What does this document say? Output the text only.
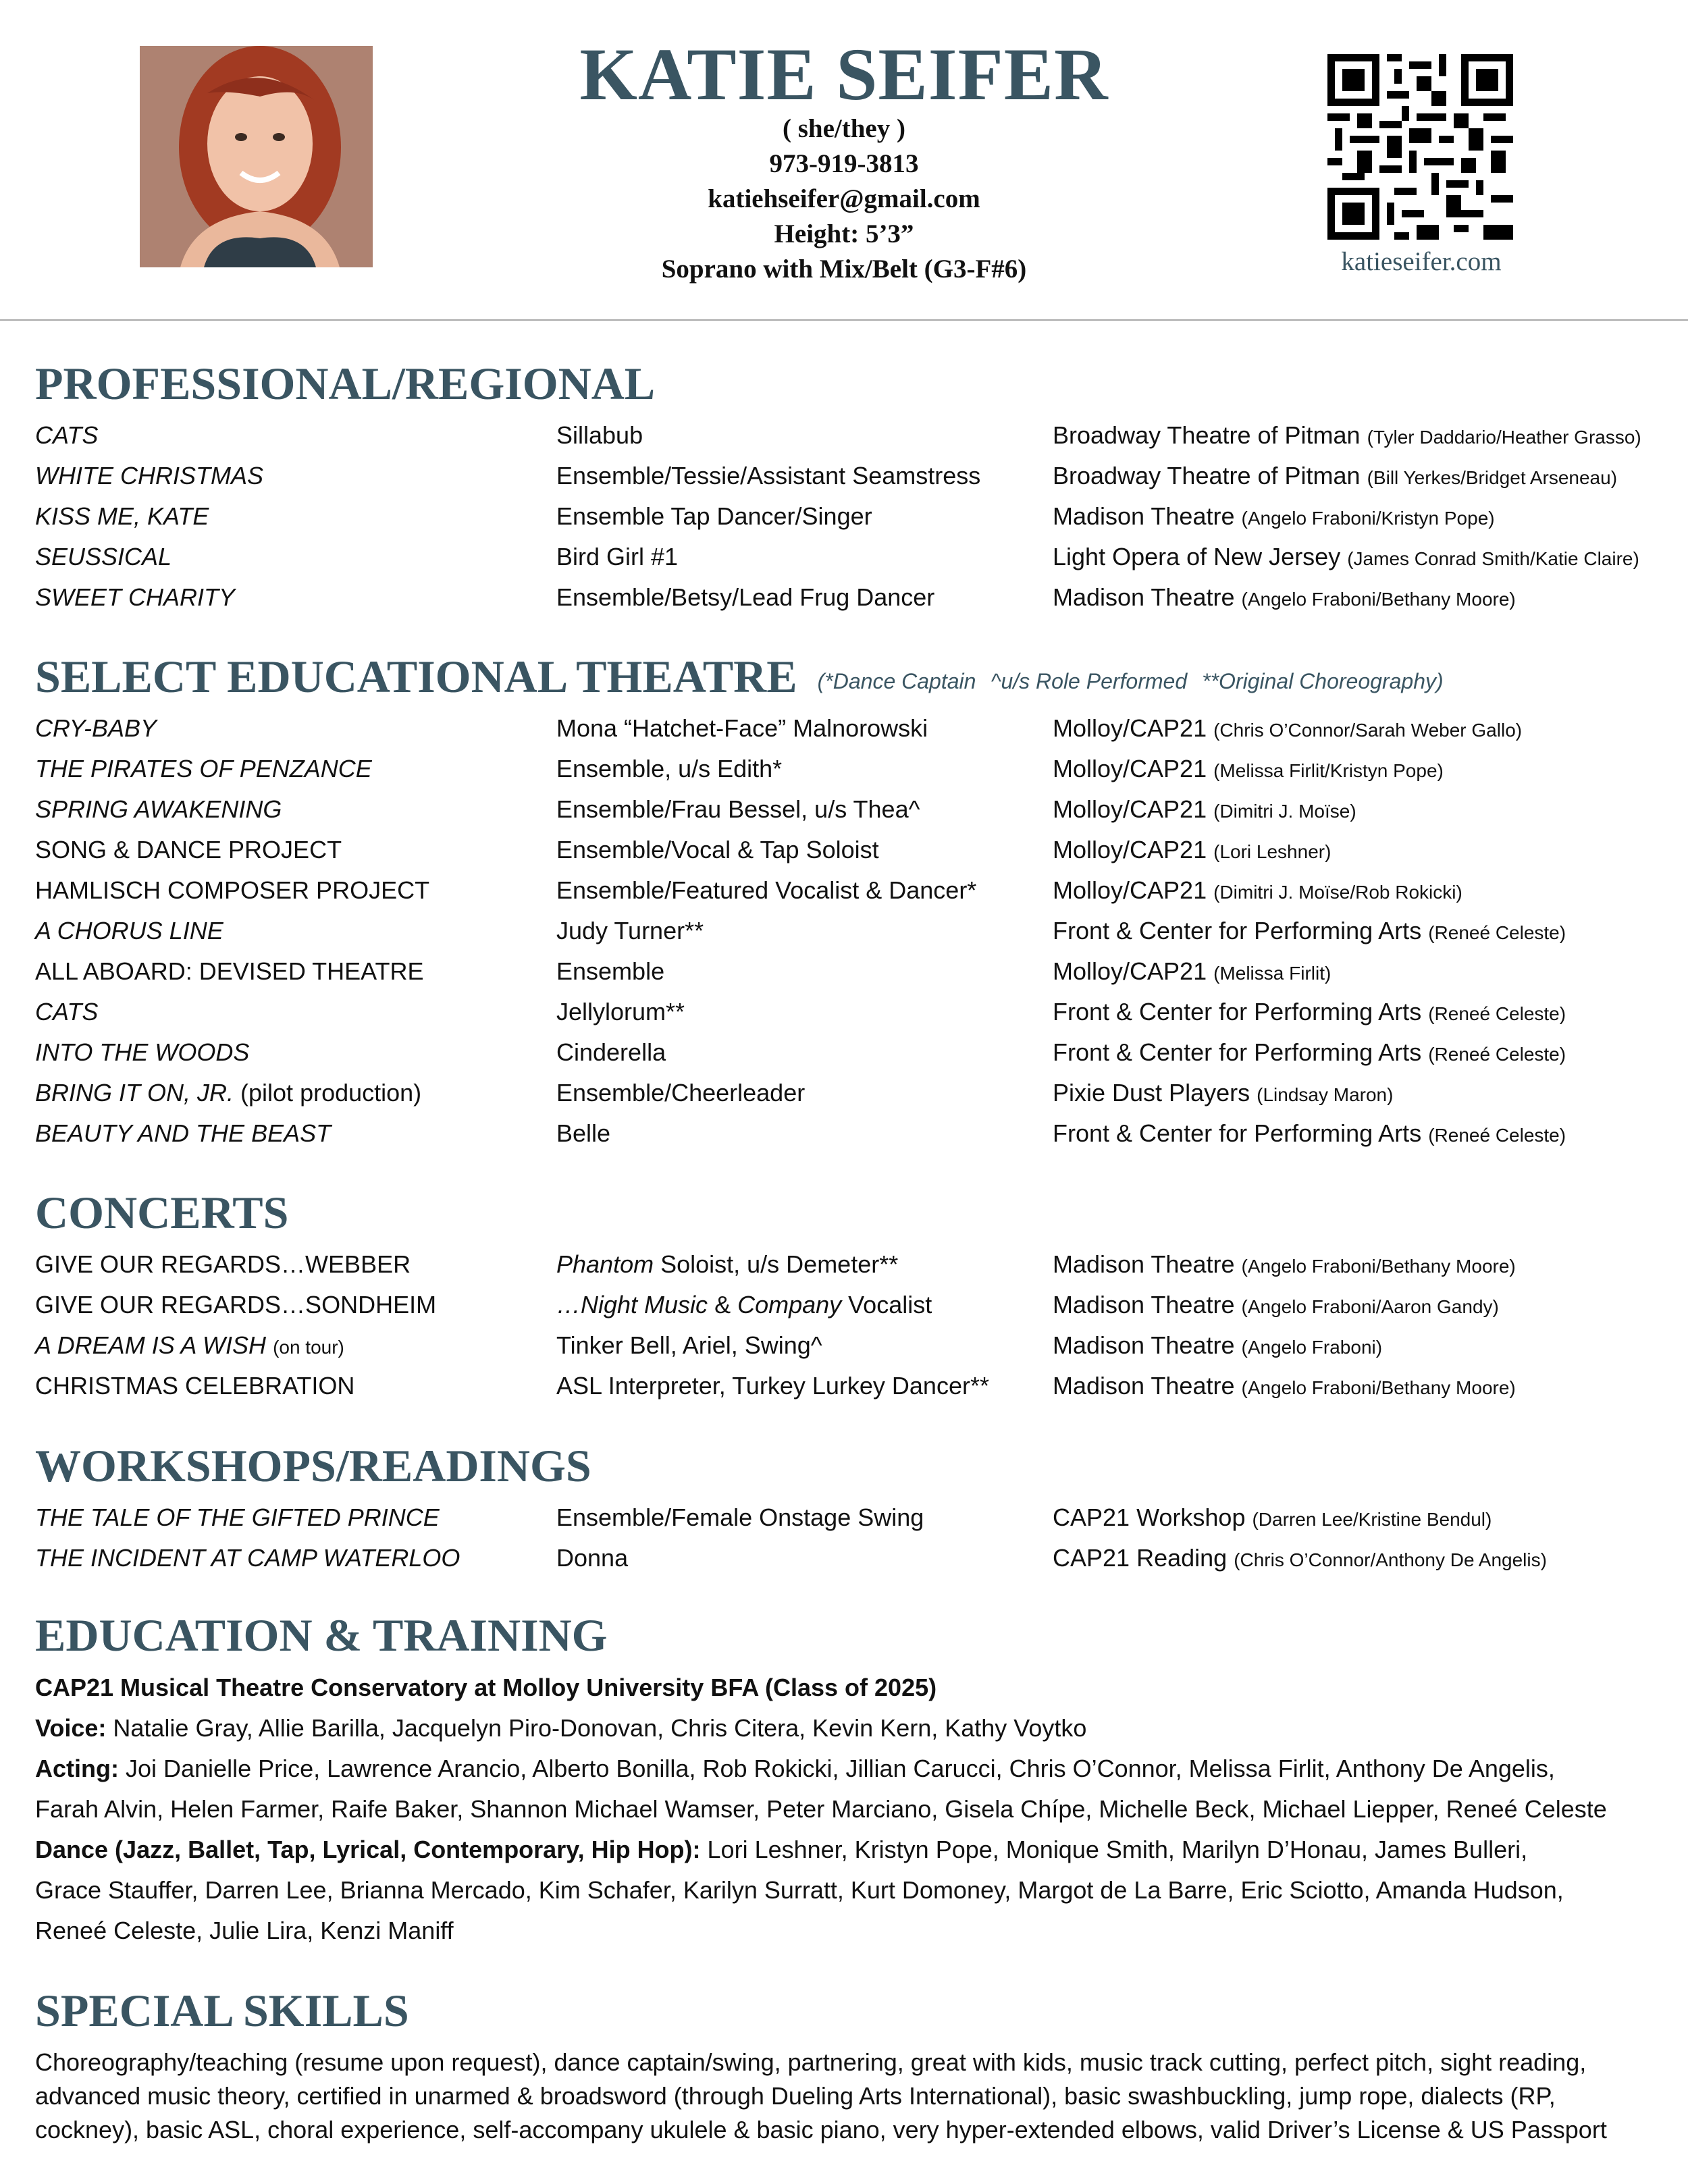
KATIE SEIFER
( she/they )
973-919-3813
katiehseifer@gmail.com
Height: 5’3”
Soprano with Mix/Belt (G3-F#6)	katieseifer.com
PROFESSIONAL/REGIONAL
CATS	Sillabub	Broadway Theatre of Pitman (Tyler Daddario/Heather Grasso)
WHITE CHRISTMAS	Ensemble/Tessie/Assistant Seamstress	Broadway Theatre of Pitman (Bill Yerkes/Bridget Arseneau)
KISS ME, KATE	Ensemble Tap Dancer/Singer	Madison Theatre (Angelo Fraboni/Kristyn Pope)
SEUSSICAL	Bird Girl #1	Light Opera of New Jersey (James Conrad Smith/Katie Claire)
SWEET CHARITY	Ensemble/Betsy/Lead Frug Dancer	Madison Theatre (Angelo Fraboni/Bethany Moore)
SELECT EDUCATIONAL THEATRE (*Dance Captain ^u/s Role Performed **Original Choreography)
CRY-BABY	Mona “Hatchet-Face” Malnorowski	Molloy/CAP21 (Chris O’Connor/Sarah Weber Gallo)
THE PIRATES OF PENZANCE	Ensemble, u/s Edith*	Molloy/CAP21 (Melissa Firlit/Kristyn Pope)
SPRING AWAKENING	Ensemble/Frau Bessel, u/s Thea^	Molloy/CAP21 (Dimitri J. Moïse)
SONG & DANCE PROJECT	Ensemble/Vocal & Tap Soloist	Molloy/CAP21 (Lori Leshner)
HAMLISCH COMPOSER PROJECT	Ensemble/Featured Vocalist & Dancer*	Molloy/CAP21 (Dimitri J. Moïse/Rob Rokicki)
A CHORUS LINE	Judy Turner**	Front & Center for Performing Arts (Reneé Celeste)
ALL ABOARD: DEVISED THEATRE	Ensemble	Molloy/CAP21 (Melissa Firlit)
CATS	Jellylorum**	Front & Center for Performing Arts (Reneé Celeste)
INTO THE WOODS	Cinderella	Front & Center for Performing Arts (Reneé Celeste)
BRING IT ON, JR. (pilot production)	Ensemble/Cheerleader	Pixie Dust Players (Lindsay Maron)
BEAUTY AND THE BEAST	Belle	Front & Center for Performing Arts (Reneé Celeste)
CONCERTS
GIVE OUR REGARDS…WEBBER	Phantom Soloist, u/s Demeter**	Madison Theatre (Angelo Fraboni/Bethany Moore)
GIVE OUR REGARDS…SONDHEIM	…Night Music & Company Vocalist	Madison Theatre (Angelo Fraboni/Aaron Gandy)
A DREAM IS A WISH (on tour)	Tinker Bell, Ariel, Swing^	Madison Theatre (Angelo Fraboni)
CHRISTMAS CELEBRATION	ASL Interpreter, Turkey Lurkey Dancer**	Madison Theatre (Angelo Fraboni/Bethany Moore)
WORKSHOPS/READINGS
THE TALE OF THE GIFTED PRINCE	Ensemble/Female Onstage Swing	CAP21 Workshop (Darren Lee/Kristine Bendul)
THE INCIDENT AT CAMP WATERLOO	Donna	CAP21 Reading (Chris O’Connor/Anthony De Angelis)
EDUCATION & TRAINING
CAP21 Musical Theatre Conservatory at Molloy University BFA (Class of 2025)
Voice: Natalie Gray, Allie Barilla, Jacquelyn Piro-Donovan, Chris Citera, Kevin Kern, Kathy Voytko
Acting: Joi Danielle Price, Lawrence Arancio, Alberto Bonilla, Rob Rokicki, Jillian Carucci, Chris O’Connor, Melissa Firlit, Anthony De Angelis,
Farah Alvin, Helen Farmer, Raife Baker, Shannon Michael Wamser, Peter Marciano, Gisela Chípe, Michelle Beck, Michael Liepper, Reneé Celeste
Dance (Jazz, Ballet, Tap, Lyrical, Contemporary, Hip Hop): Lori Leshner, Kristyn Pope, Monique Smith, Marilyn D’Honau, James Bulleri,
Grace Stauffer, Darren Lee, Brianna Mercado, Kim Schafer, Karilyn Surratt, Kurt Domoney, Margot de La Barre, Eric Sciotto, Amanda Hudson,
Reneé Celeste, Julie Lira, Kenzi Maniff
SPECIAL SKILLS
Choreography/teaching (resume upon request), dance captain/swing, partnering, great with kids, music track cutting, perfect pitch, sight reading,
advanced music theory, certified in unarmed & broadsword (through Dueling Arts International), basic swashbuckling, jump rope, dialects (RP,
cockney), basic ASL, choral experience, self-accompany ukulele & basic piano, very hyper-extended elbows, valid Driver’s License & US Passport
